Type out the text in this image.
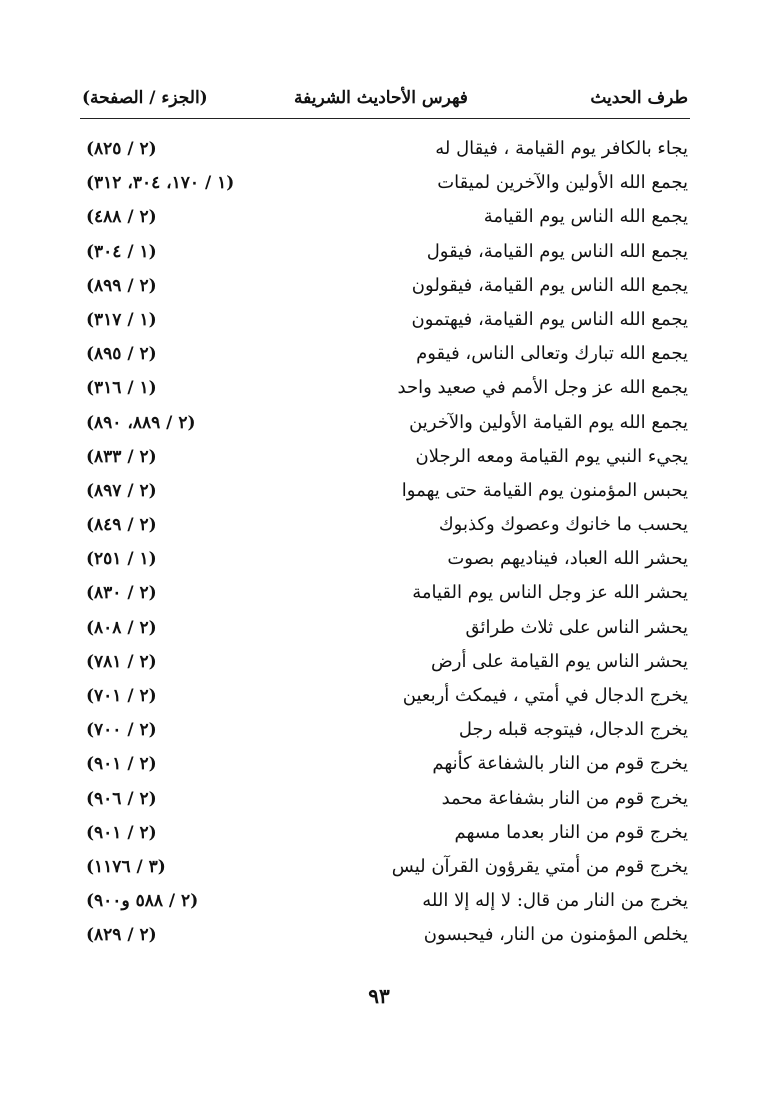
طرف الحديث
فهرس الأحاديث الشريفة
(الجزء / الصفحة)
يجاء بالكافر يوم القيامة ، فيقال له
(٢ / ٨٢٥)
يجمع الله الأولين والآخرين لميقات
(١ / ١٧٠، ٣٠٤، ٣١٢)
يجمع الله الناس يوم القيامة
(٢ / ٤٨٨)
يجمع الله الناس يوم القيامة، فيقول
(١ / ٣٠٤)
يجمع الله الناس يوم القيامة، فيقولون
(٢ / ٨٩٩)
يجمع الله الناس يوم القيامة، فيهتمون
(١ / ٣١٧)
يجمع الله تبارك وتعالى الناس، فيقوم
(٢ / ٨٩٥)
يجمع الله عز وجل الأمم في صعيد واحد
(١ / ٣١٦)
يجمع الله يوم القيامة الأولين والآخرين
(٢ / ٨٨٩، ٨٩٠)
يجيء النبي يوم القيامة ومعه الرجلان
(٢ / ٨٣٣)
يحبس المؤمنون يوم القيامة حتى يهموا
(٢ / ٨٩٧)
يحسب ما خانوك وعصوك وكذبوك
(٢ / ٨٤٩)
يحشر الله العباد، فيناديهم بصوت
(١ / ٢٥١)
يحشر الله عز وجل الناس يوم القيامة
(٢ / ٨٣٠)
يحشر الناس على ثلاث طرائق
(٢ / ٨٠٨)
يحشر الناس يوم القيامة على أرض
(٢ / ٧٨١)
يخرج الدجال في أمتي ، فيمكث أربعين
(٢ / ٧٠١)
يخرج الدجال، فيتوجه قبله رجل
(٢ / ٧٠٠)
يخرج قوم من النار بالشفاعة كأنهم
(٢ / ٩٠١)
يخرج قوم من النار بشفاعة محمد
(٢ / ٩٠٦)
يخرج قوم من النار بعدما مسهم
(٢ / ٩٠١)
يخرج قوم من أمتي يقرؤون القرآن ليس
(٣ / ١١٧٦)
يخرج من النار من قال: لا إله إلا الله
(٢ / ٥٨٨ و٩٠٠)
يخلص المؤمنون من النار، فيحبسون
(٢ / ٨٢٩)
٩٣
